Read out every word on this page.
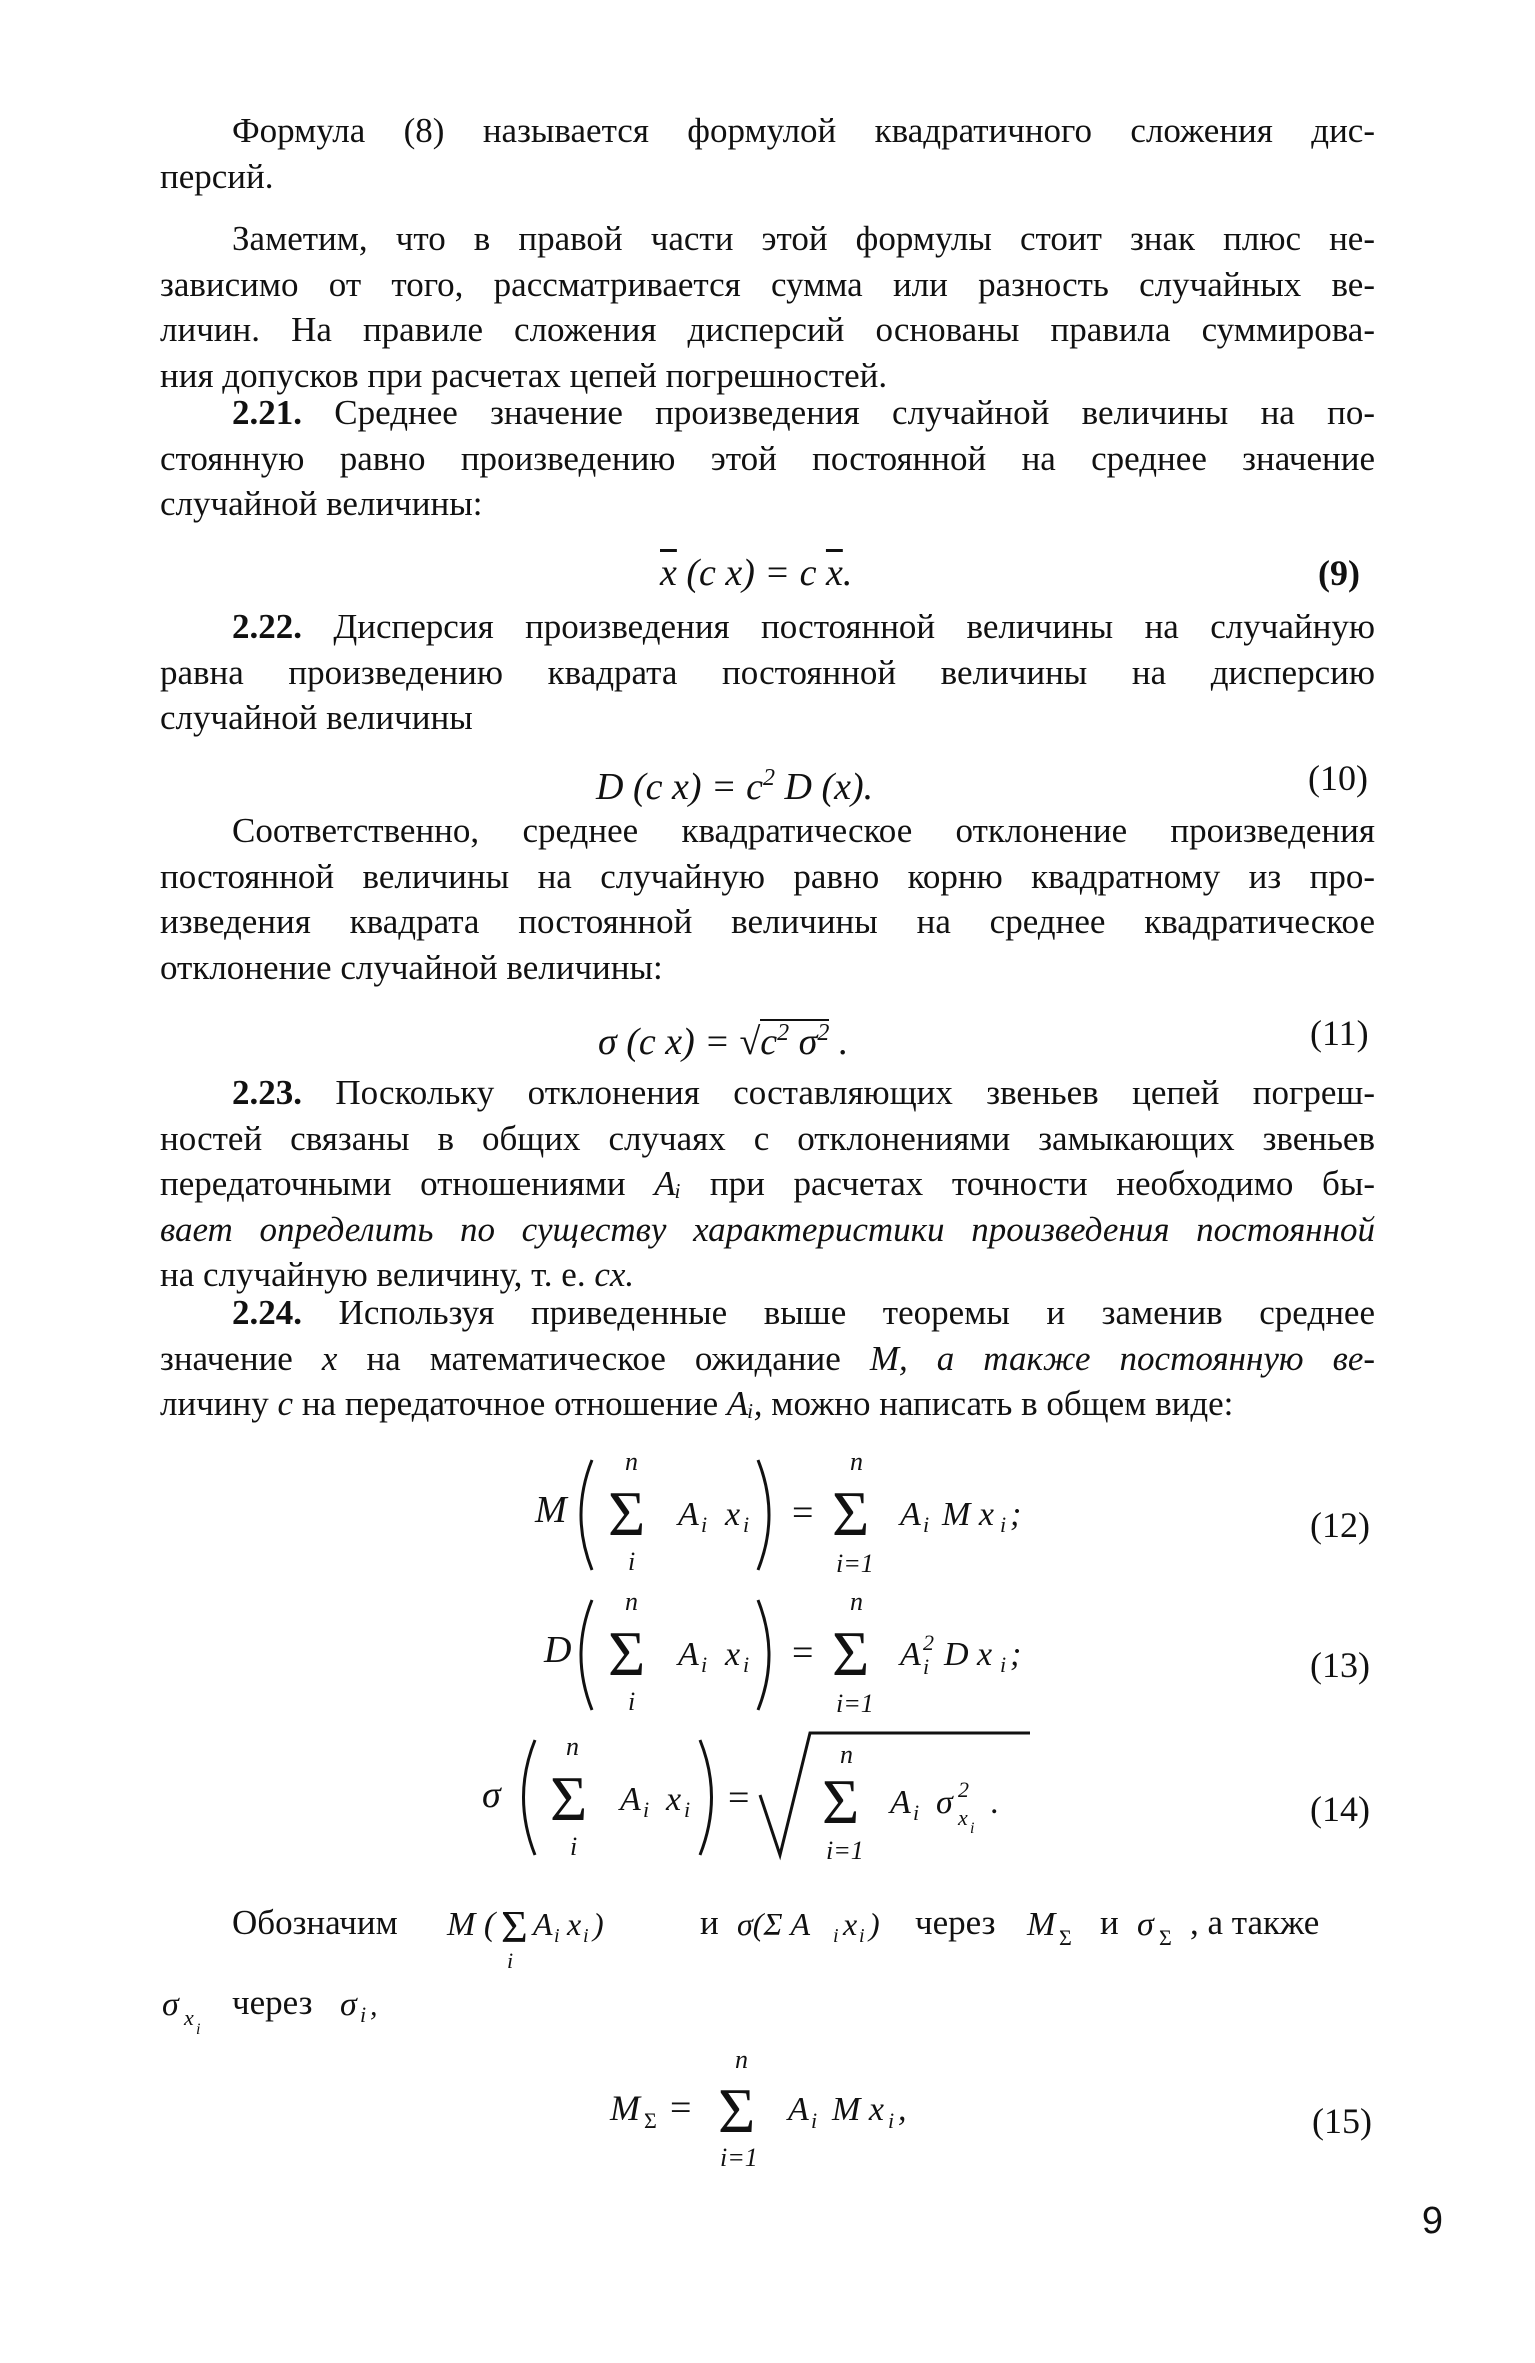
Формула (8) называется формулой квадратичного сложения дис-
персий.

Заметим, что в правой части этой формулы стоит знак плюс не-
зависимо от того, рассматривается сумма или разность случайных ве-
личин. На правиле сложения дисперсий основаны правила суммирова-
ния допусков при расчетах цепей погрешностей.

2.21. Среднее значение произведения случайной величины на по-
стоянную равно произведению этой постоянной на среднее значение
случайной величины:

$\overline{x}$ (c x) = c $\overline{x}$.	(9)

2.22. Дисперсия произведения постоянной величины на случайную
равна произведению квадрата постоянной величины на дисперсию
случайной величины

D (c $x) = c^2$ D (x).	(10)

Соответственно, среднее квадратическое отклонение произведения
постоянной величины на случайную равно корню квадратному из про-
изведения квадрата постоянной величины на среднее квадратическое
отклонение случайной величины:

σ (c $x) = √c^2$ $\sigma^2$ .	(11)

2.23. Поскольку отклонения составляющих звеньев цепей погреш-
ностей связаны в общих случаях с отклонениями замыкающих звеньев
передаточными отношениями Aᵢ при расчетах точности необходимо бы-
вает определить по существу характеристики произведения постоянной
на случайную величину, т. е. cx.

2.24. Используя приведенные выше теоремы и заменив среднее
значение x на математическое ожидание M, а также постоянную ве-
личину c на передаточное отношение Aᵢ, можно написать в общем виде:

M
n
Σ
i
A i x i =
n
Σ
i=1
A i M x i ;	(12)
D
n
Σ
i
A i x i =
n
Σ
i=1
A 2
i D x i ;	(13)
σ
n
Σ
i
A i x i =
n
Σ
i=1
A i σ 2
x i
.	(14)
Обозначим M ( Σ
i
A i x i )	и σ(Σ A i x i ) через M Σ и σ Σ , а также
σ x i
через σ i ,
M Σ =
n
Σ
i=1
A i M x i ,	(15)
9
